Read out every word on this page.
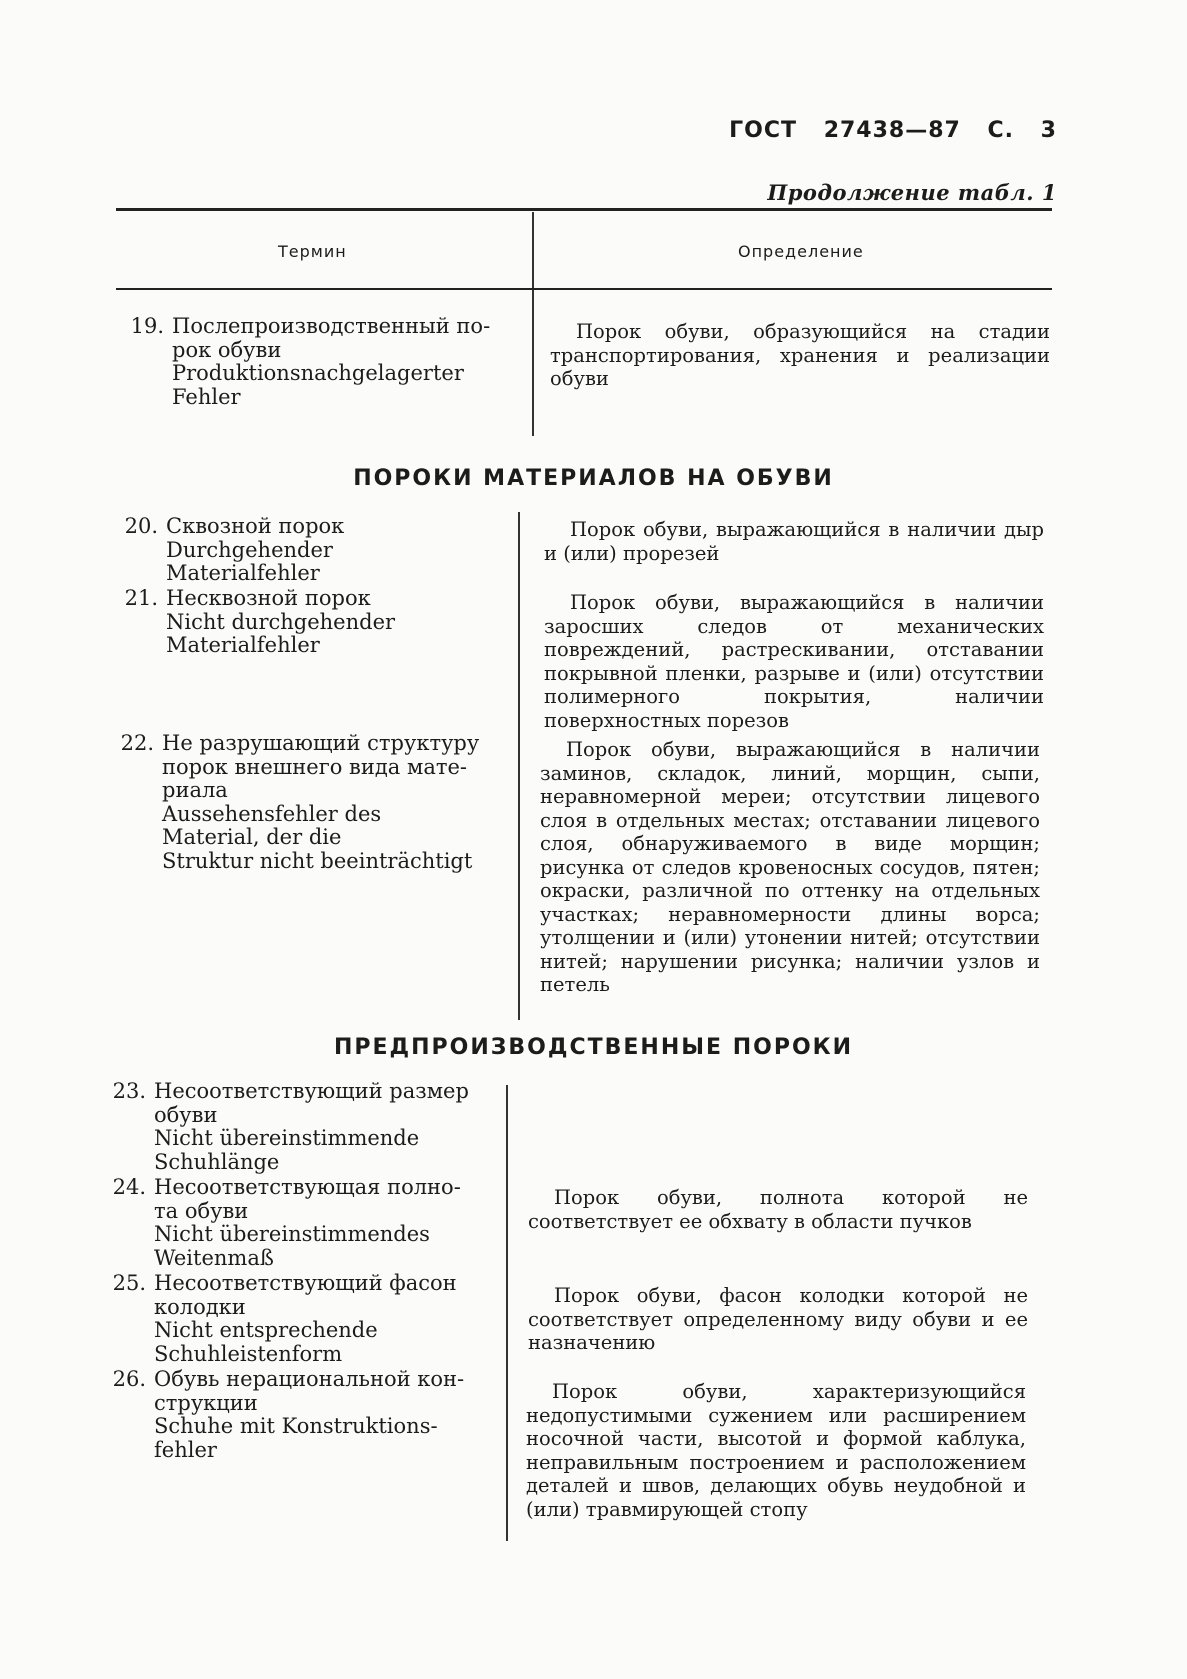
ГОСТ 27438—87 С. 3
Продолжение табл. 1
Термин	Определение
19. Послепроизводственный по-
рок обуви
Produktionsnachgelagerter
Fehler
Порок обуви, образующийся на стадии транспортирования, хранения и реализации обуви
ПОРОКИ МАТЕРИАЛОВ НА ОБУВИ
20. Сквозной порок
Durchgehender
Materialfehler
Порок обуви, выражающийся в наличии дыр и (или) прорезей
21. Несквозной порок
Nicht durchgehender
Materialfehler
Порок обуви, выражающийся в наличии заросших следов от механических повреждений, растрескивании, отставании покрывной пленки, разрыве и (или) отсутствии полимерного покрытия, наличии поверхностных порезов
22. Не разрушающий структуру
порок внешнего вида мате-
риала
Aussehensfehler des
Material, der die
Struktur nicht beeinträchtigt
Порок обуви, выражающийся в наличии заминов, складок, линий, морщин, сыпи, неравномерной мереи; отсутствии лицевого слоя в отдельных местах; отставании лицевого слоя, обнаруживаемого в виде морщин; рисунка от следов кровеносных сосудов, пятен; окраски, различной по оттенку на отдельных участках; неравномерности длины ворса; утолщении и (или) утонении нитей; отсутствии нитей; нарушении рисунка; наличии узлов и петель
ПРЕДПРОИЗВОДСТВЕННЫЕ ПОРОКИ
23. Несоответствующий размер
обуви
Nicht übereinstimmende
Schuhlänge
24. Несоответствующая полно-
та обуви
Nicht übereinstimmendes
Weitenmaß
Порок обуви, полнота которой не соответствует ее обхвату в области пучков
25. Несоответствующий фасон
колодки
Nicht entsprechende
Schuhleistenform
Порок обуви, фасон колодки которой не соответствует определенному виду обуви и ее назначению
26. Обувь нерациональной кон-
струкции
Schuhe mit Konstruktions-
fehler
Порок обуви, характеризующийся недопустимыми сужением или расширением носочной части, высотой и формой каблука, неправильным построением и расположением деталей и швов, делающих обувь неудобной и (или) травмирующей стопу
